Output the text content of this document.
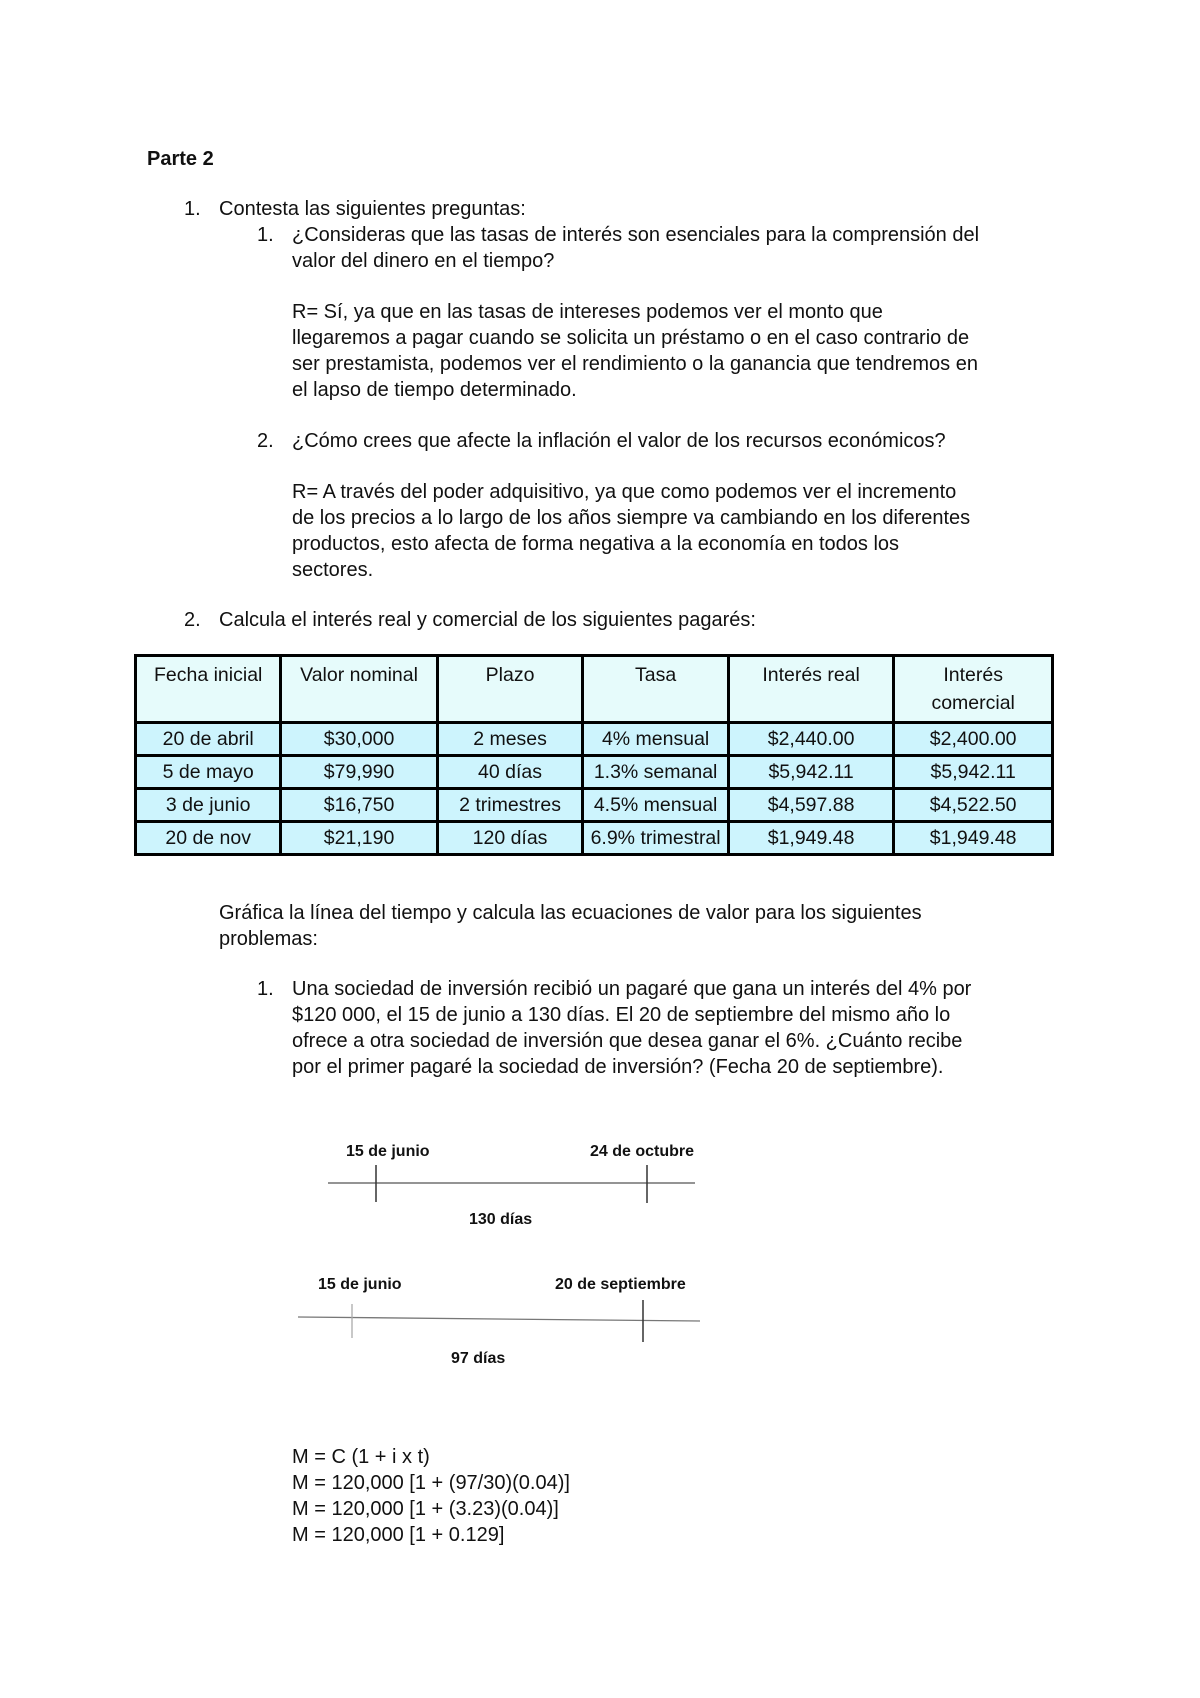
Parte 2
1. Contesta las siguientes preguntas:
1. ¿Consideras que las tasas de interés son esenciales para la comprensión del
valor del dinero en el tiempo?
R= Sí, ya que en las tasas de intereses podemos ver el monto que
llegaremos a pagar cuando se solicita un préstamo o en el caso contrario de
ser prestamista, podemos ver el rendimiento o la ganancia que tendremos en
el lapso de tiempo determinado.
2. ¿Cómo crees que afecte la inflación el valor de los recursos económicos?
R= A través del poder adquisitivo, ya que como podemos ver el incremento
de los precios a lo largo de los años siempre va cambiando en los diferentes
productos, esto afecta de forma negativa a la economía en todos los
sectores.
2. Calcula el interés real y comercial de los siguientes pagarés:
Fecha inicial	Valor nominal	Plazo	Tasa	Interés real	Interés comercial
20 de abril	$30,000	2 meses	4% mensual	$2,440.00	$2,400.00
5 de mayo	$79,990	40 días	1.3% semanal	$5,942.11	$5,942.11
3 de junio	$16,750	2 trimestres	4.5% mensual	$4,597.88	$4,522.50
20 de nov	$21,190	120 días	6.9% trimestral	$1,949.48	$1,949.48
Gráfica la línea del tiempo y calcula las ecuaciones de valor para los siguientes
problemas:
1. Una sociedad de inversión recibió un pagaré que gana un interés del 4% por
$120 000, el 15 de junio a 130 días. El 20 de septiembre del mismo año lo
ofrece a otra sociedad de inversión que desea ganar el 6%. ¿Cuánto recibe
por el primer pagaré la sociedad de inversión? (Fecha 20 de septiembre).
15 de junio	24 de octubre
130 días
15 de junio	20 de septiembre
97 días
M = C (1 + i x t)
M = 120,000 [1 + (97/30)(0.04)]
M = 120,000 [1 + (3.23)(0.04)]
M = 120,000 [1 + 0.129]
